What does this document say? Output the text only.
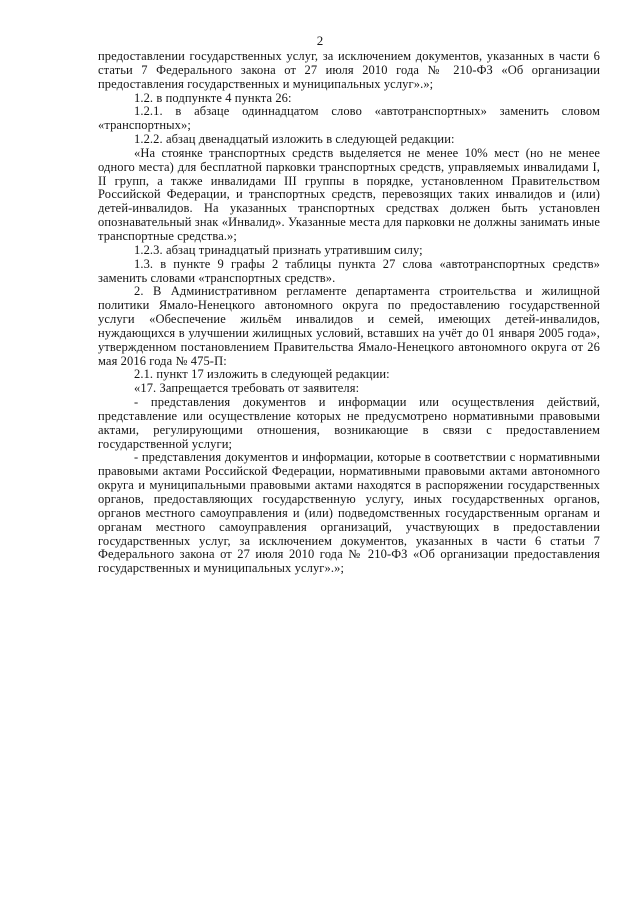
2

предоставлении государственных услуг, за исключением документов, указанных в части 6 статьи 7 Федерального закона от 27 июля 2010 года № 210-ФЗ «Об организации предоставления государственных и муниципальных услуг».»;

1.2. в подпункте 4 пункта 26:

1.2.1. в абзаце одиннадцатом слово «автотранспортных» заменить словом «транспортных»;

1.2.2. абзац двенадцатый изложить в следующей редакции:

«На стоянке транспортных средств выделяется не менее 10% мест (но не менее одного места) для бесплатной парковки транспортных средств, управляемых инвалидами I, II групп, а также инвалидами III группы в порядке, установленном Правительством Российской Федерации, и транспортных средств, перевозящих таких инвалидов и (или) детей-инвалидов. На указанных транспортных средствах должен быть установлен опознавательный знак «Инвалид». Указанные места для парковки не должны занимать иные транспортные средства.»;

1.2.3. абзац тринадцатый признать утратившим силу;

1.3. в пункте 9 графы 2 таблицы пункта 27 слова «автотранспортных средств» заменить словами «транспортных средств».

2. В Административном регламенте департамента строительства и жилищной политики Ямало-Ненецкого автономного округа по предоставлению государственной услуги «Обеспечение жильём инвалидов и семей, имеющих детей-инвалидов, нуждающихся в улучшении жилищных условий, вставших на учёт до 01 января 2005 года», утвержденном постановлением Правительства Ямало-Ненецкого автономного округа от 26 мая 2016 года № 475-П:

2.1. пункт 17 изложить в следующей редакции:

«17. Запрещается требовать от заявителя:

- представления документов и информации или осуществления действий, представление или осуществление которых не предусмотрено нормативными правовыми актами, регулирующими отношения, возникающие в связи с предоставлением государственной услуги;

- представления документов и информации, которые в соответствии с нормативными правовыми актами Российской Федерации, нормативными правовыми актами автономного округа и муниципальными правовыми актами находятся в распоряжении государственных органов, предоставляющих государственную услугу, иных государственных органов, органов местного самоуправления и (или) подведомственных государственным органам и органам местного самоуправления организаций, участвующих в предоставлении государственных услуг, за исключением документов, указанных в части 6 статьи 7 Федерального закона от 27 июля 2010 года № 210-ФЗ «Об организации предоставления государственных и муниципальных услуг».»;
